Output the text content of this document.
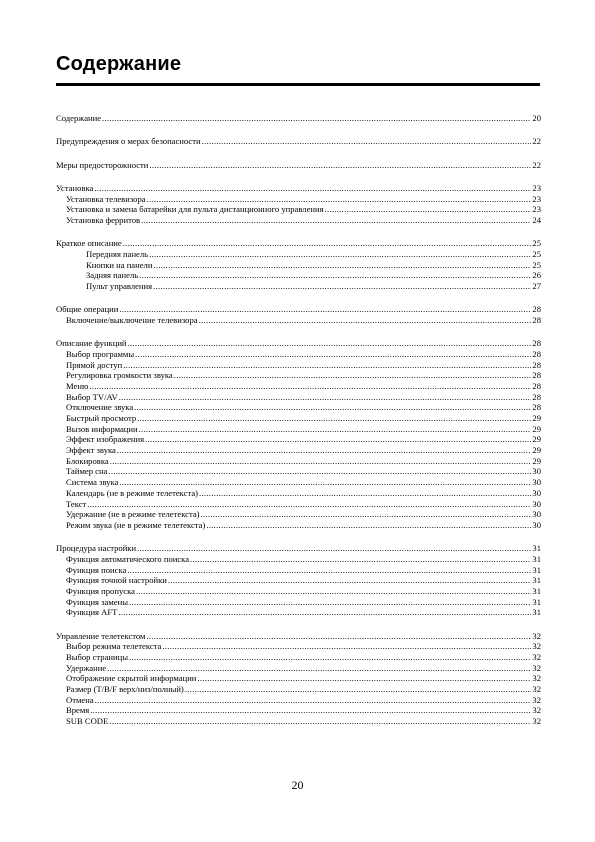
Содержание
Содержание .....	20
Предупреждения о мерах безопасности .....	22
Меры предосторожности .....	22
Установка .....	23
Установка телевизора .....	23
Установка и замена батарейки для пульта дистанционного управления .....	23
Установка ферритов .....	24
Краткое описание .....	25
Передняя панель .....	25
Кнопки на панели .....	25
Задняя панель .....	26
Пульт управления .....	27
Общие операции .....	28
Включение/выключение телевизора .....	28
Описание функций .....	28
Выбор программы .....	28
Прямой доступ .....	28
Регулировка громкости звука .....	28
Меню .....	28
Выбор TV/AV .....	28
Отключение звука .....	28
Быстрый просмотр .....	29
Вызов информации .....	29
Эффект изображения .....	29
Эффект звука .....	29
Блокировка .....	29
Таймер сна .....	30
Система звука .....	30
Календарь (не в режиме телетекста) .....	30
Текст .....	30
Удержание (не в режиме телетекста) .....	30
Режим звука (не в режиме телетекста) .....	30
Процедура настройки .....	31
Функция автоматического поиска .....	31
Функция поиска .....	31
Функция точной настройки .....	31
Функция пропуска .....	31
Функция замены .....	31
Функция AFT .....	31
Управление телетекстом .....	32
Выбор режима телетекста .....	32
Выбор страницы .....	32
Удержание .....	32
Отображение скрытой информации .....	32
Размер (T/B/F верх/низ/полный) .....	32
Отмена .....	32
Время .....	32
SUB CODE .....	32
20
